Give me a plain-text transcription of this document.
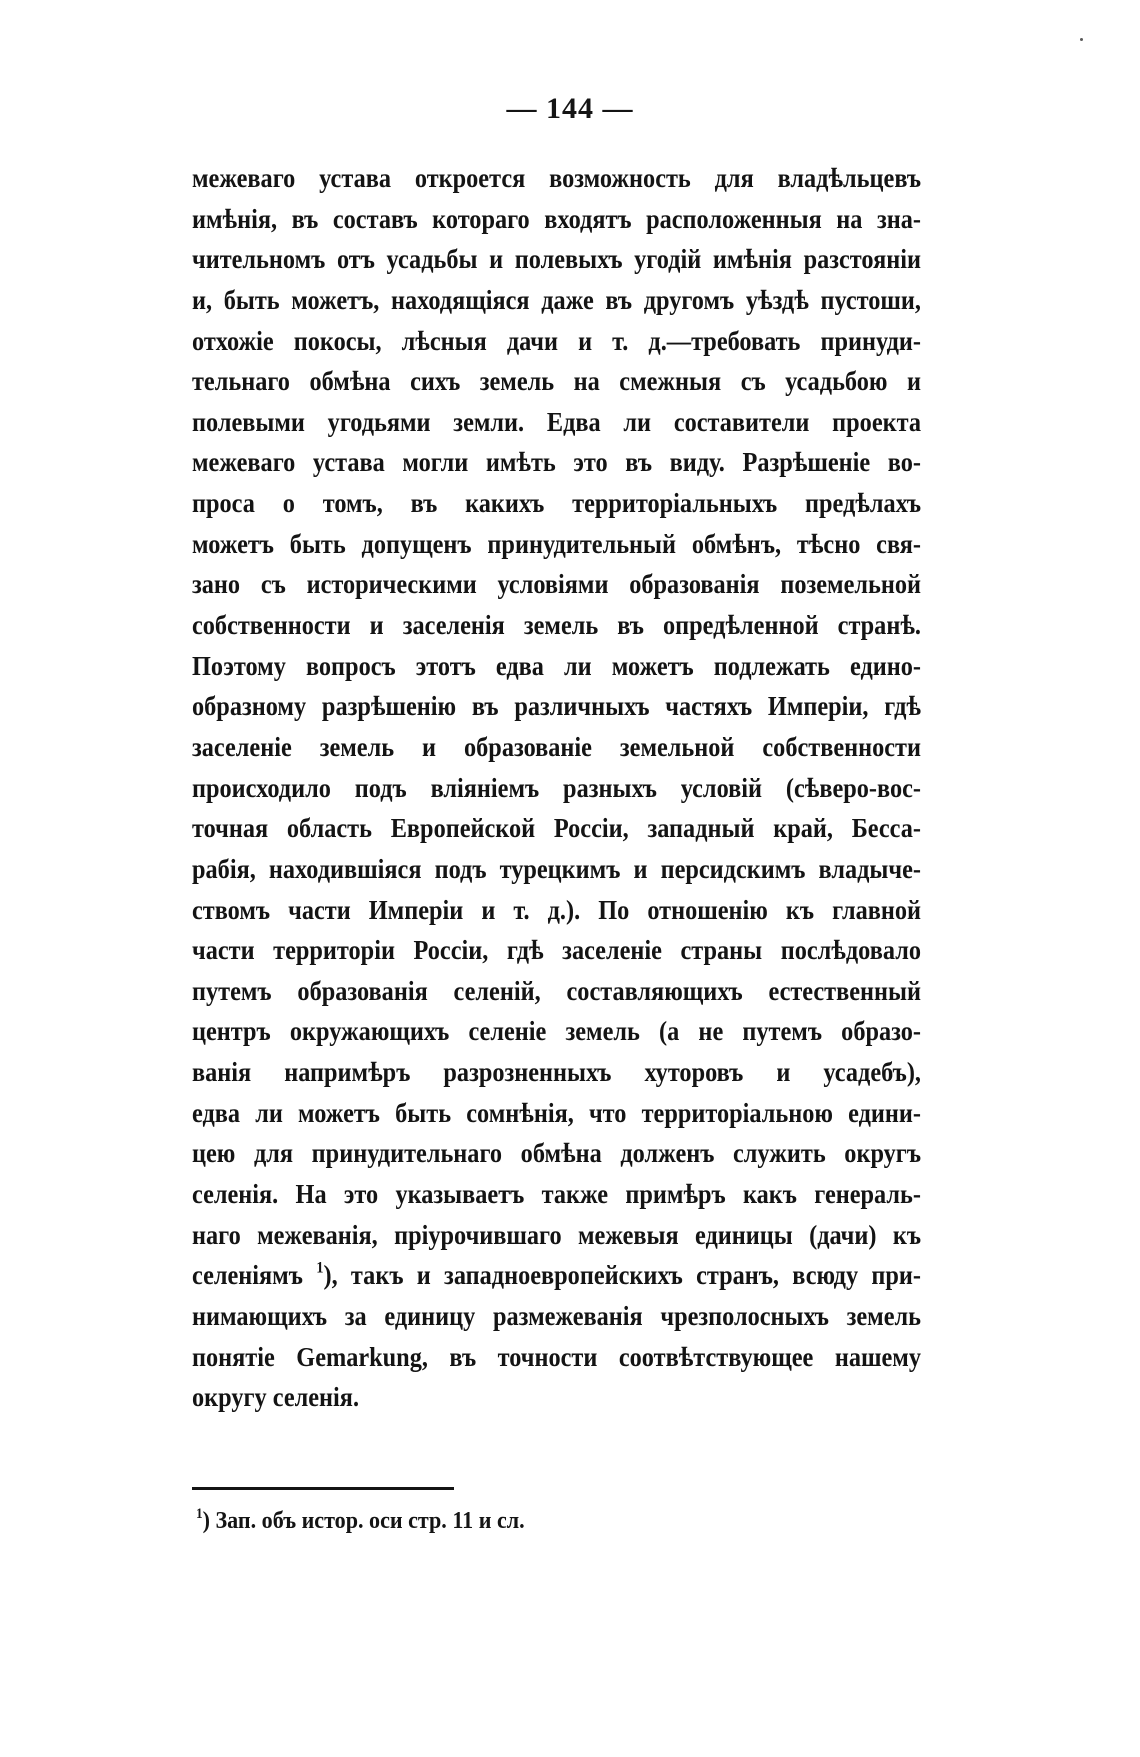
— 144 —
межеваго устава откроется возможность для владѣльцевъ
имѣнія, въ составъ котораго входятъ расположенныя на зна-
чительномъ отъ усадьбы и полевыхъ угодій имѣнія разстояніи
и, быть можетъ, находящіяся даже въ другомъ уѣздѣ пустоши,
отхожіе покосы, лѣсныя дачи и т. д.—требовать принуди-
тельнаго обмѣна сихъ земель на смежныя съ усадьбою и
полевыми угодьями земли. Едва ли составители проекта
межеваго устава могли имѣть это въ виду. Разрѣшеніе во-
проса о томъ, въ какихъ территоріальныхъ предѣлахъ
можетъ быть допущенъ принудительный обмѣнъ, тѣсно свя-
зано съ историческими условіями образованія поземельной
собственности и заселенія земель въ опредѣленной странѣ.
Поэтому вопросъ этотъ едва ли можетъ подлежать едино-
образному разрѣшенію въ различныхъ частяхъ Имперіи, гдѣ
заселеніе земель и образованіе земельной собственности
происходило подъ вліяніемъ разныхъ условій (сѣверо-вос-
точная область Европейской Россіи, западный край, Бесса-
рабія, находившіяся подъ турецкимъ и персидскимъ владыче-
ствомъ части Имперіи и т. д.). По отношенію къ главной
части территоріи Россіи, гдѣ заселеніе страны послѣдовало
путемъ образованія селеній, составляющихъ естественный
центръ окружающихъ селеніе земель (а не путемъ образо-
ванія напримѣръ разрозненныхъ хуторовъ и усадебъ),
едва ли можетъ быть сомнѣнія, что территоріальною едини-
цею для принудительнаго обмѣна долженъ служить округъ
селенія. На это указываетъ также примѣръ какъ генераль-
наго межеванія, пріурочившаго межевыя единицы (дачи) къ
селеніямъ $^1$), такъ и западноевропейскихъ странъ, всюду при-
нимающихъ за единицу размежеванія чрезполосныхъ земель
понятіе Gemarkung, въ точности соотвѣтствующее нашему
округу селенія.
$^1$) Зап. объ истор. оси стр. 11 и сл.
